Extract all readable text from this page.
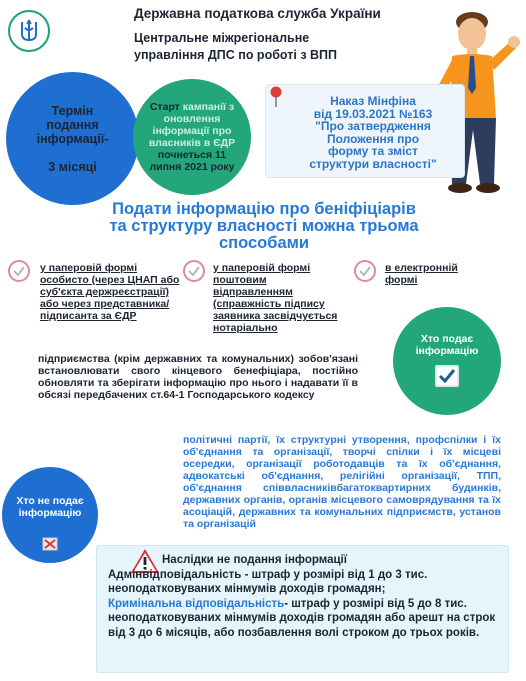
Державна податкова служба України
Центральне міжрегіональне
управління ДПС по роботі з ВПП
Термін
подання
інформації-
3 місяці
Старт кампанії з оновлення інформації про власників в ЄДР почнеться 11 липня 2021 року
Наказ Мінфіна
від 19.03.2021 №163
"Про затвердження
Положення про
форму та зміст
структури власності"
Подати інформацію про беніфіціарів
та структуру власності можна трьома
способами
у паперовій формі особисто (через ЦНАП або суб'єкта держреєстрації) або через представника/підписанта за ЄДР
у паперовій формі поштовим відправленням (справжність підпису заявника засвідчується нотаріально
в електронній формі
Хто подає інформацію
підприємства (крім державних та комунальних) зобов'язані встановлювати свого кінцевого бенефіціара, постійно обновляти та зберігати інформацію про нього і надавати її в обсязі передбачених ст.64-1 Господарського кодексу
Хто не подає інформацію
політичні партії, їх структурні утворення, профспілки і їх об'єднання та організації, творчі спілки і їх місцеві осередки, організації роботодавців та їх об'єднання, адвокатські об'єднання, релігійні організації, ТПП, об'єднання співвласниківбагатоквартирних будинків, державних органів, органів місцевого самоврядування та їх асоціацій, державних та комунальних підприємств, установ та організацій
Наслідки не подання інформації
Адмінвідповідальність - штраф у розмірі від 1 до 3 тис. неоподатковуваних мінмумів доходів громадян;
Кримінальна відповідальність- штраф у розмірі від 5 до 8 тис. неоподатковуваних мінмумів доходів громадян або арешт на строк від 3 до 6 місяців, або позбавлення волі строком до трьох років.
